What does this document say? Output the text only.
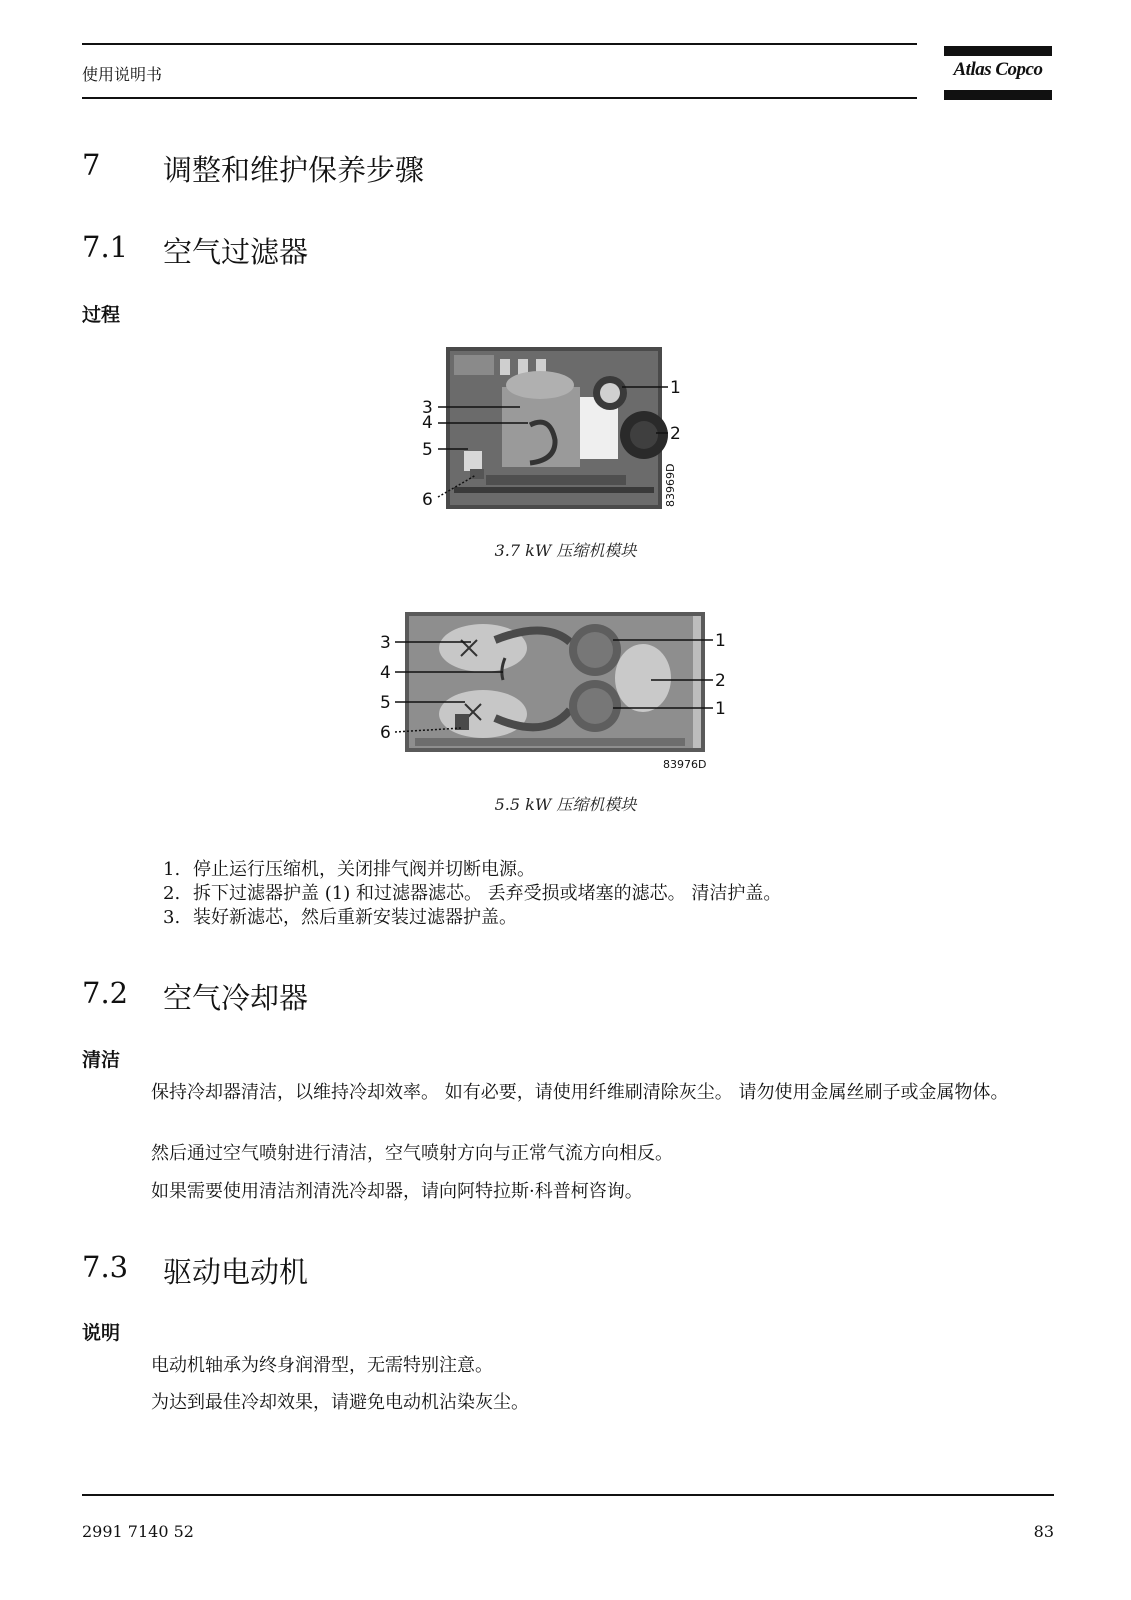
使用说明书	Atlas Copco
7 调整和维护保养步骤
7.1 空气过滤器
过程
1
2
3
4
5
6	83969D
3.7 kW 压缩机模块
1
2
1
3
4
5
6
83976D
5.5 kW 压缩机模块
1. 停止运行压缩机，关闭排气阀并切断电源。
2. 拆下过滤器护盖 (1) 和过滤器滤芯。 丢弃受损或堵塞的滤芯。 清洁护盖。
3. 装好新滤芯，然后重新安装过滤器护盖。
7.2 空气冷却器
清洁
保持冷却器清洁，以维持冷却效率。 如有必要，请使用纤维刷清除灰尘。 请勿使用金属丝刷子或金属物体。
然后通过空气喷射进行清洁，空气喷射方向与正常气流方向相反。
如果需要使用清洁剂清洗冷却器，请向阿特拉斯·科普柯咨询。
7.3 驱动电动机
说明
电动机轴承为终身润滑型，无需特别注意。
为达到最佳冷却效果，请避免电动机沾染灰尘。
2991 7140 52	83
